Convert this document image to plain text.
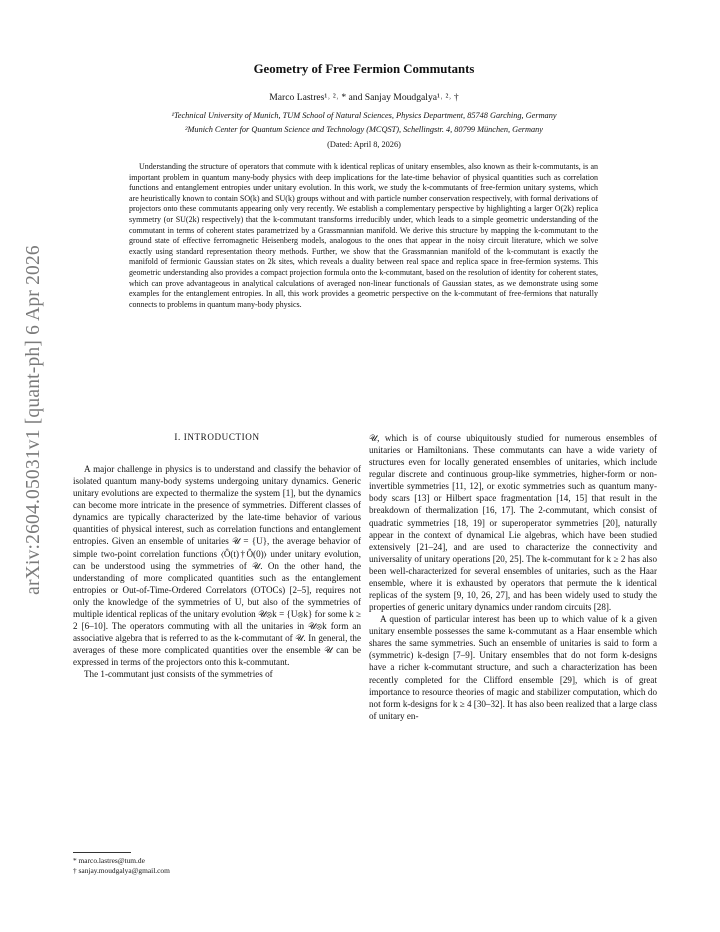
arXiv:2604.05031v1 [quant-ph] 6 Apr 2026
Geometry of Free Fermion Commutants
Marco Lastres¹˒ ²˒ * and Sanjay Moudgalya¹˒ ²˒ †
¹Technical University of Munich, TUM School of Natural Sciences, Physics Department, 85748 Garching, Germany
²Munich Center for Quantum Science and Technology (MCQST), Schellingstr. 4, 80799 München, Germany
(Dated: April 8, 2026)

Understanding the structure of operators that commute with k identical replicas of unitary ensembles, also known as their k-commutants, is an important problem in quantum many-body physics with deep implications for the late-time behavior of physical quantities such as correlation functions and entanglement entropies under unitary evolution. In this work, we study the k-commutants of free-fermion unitary systems, which are heuristically known to contain SO(k) and SU(k) groups without and with particle number conservation respectively, with formal derivations of projectors onto these commutants appearing only very recently. We establish a complementary perspective by highlighting a larger O(2k) replica symmetry (or SU(2k) respectively) that the k-commutant transforms irreducibly under, which leads to a simple geometric understanding of the commutant in terms of coherent states parametrized by a Grassmannian manifold. We derive this structure by mapping the k-commutant to the ground state of effective ferromagnetic Heisenberg models, analogous to the ones that appear in the noisy circuit literature, which we solve exactly using standard representation theory methods. Further, we show that the Grassmannian manifold of the k-commutant is exactly the manifold of fermionic Gaussian states on 2k sites, which reveals a duality between real space and replica space in free-fermion systems. This geometric understanding also provides a compact projection formula onto the k-commutant, based on the resolution of identity for coherent states, which can prove advantageous in analytical calculations of averaged non-linear functionals of Gaussian states, as we demonstrate using some examples for the entanglement entropies. In all, this work provides a geometric perspective on the k-commutant of free-fermions that naturally connects to problems in quantum many-body physics.

I. INTRODUCTION

A major challenge in physics is to understand and classify the behavior of isolated quantum many-body systems undergoing unitary dynamics. Generic unitary evolutions are expected to thermalize the system [1], but the dynamics can become more intricate in the presence of symmetries. Different classes of dynamics are typically characterized by the late-time behavior of various quantities of physical interest, such as correlation functions and entanglement entropies. Given an ensemble of unitaries 𝒰 = {U}, the average behavior of simple two-point correlation functions ⟨Ô(t)†Ô(0)⟩ under unitary evolution, can be understood using the symmetries of 𝒰. On the other hand, the understanding of more complicated quantities such as the entanglement entropies or Out-of-Time-Ordered Correlators (OTOCs) [2–5], requires not only the knowledge of the symmetries of U, but also of the symmetries of multiple identical replicas of the unitary evolution 𝒰⊗k = {U⊗k} for some k ≥ 2 [6–10]. The operators commuting with all the unitaries in 𝒰⊗k form an associative algebra that is referred to as the k-commutant of 𝒰. In general, the averages of these more complicated quantities over the ensemble 𝒰 can be expressed in terms of the projectors onto this k-commutant.

The 1-commutant just consists of the symmetries of

𝒰, which is of course ubiquitously studied for numerous ensembles of unitaries or Hamiltonians. These commutants can have a wide variety of structures even for locally generated ensembles of unitaries, which include regular discrete and continuous group-like symmetries, higher-form or non-invertible symmetries [11, 12], or exotic symmetries such as quantum many-body scars [13] or Hilbert space fragmentation [14, 15] that result in the breakdown of thermalization [16, 17]. The 2-commutant, which consist of quadratic symmetries [18, 19] or superoperator symmetries [20], naturally appear in the context of dynamical Lie algebras, which have been studied extensively [21–24], and are used to characterize the connectivity and universality of unitary operations [20, 25]. The k-commutant for k ≥ 2 has also been well-characterized for several ensembles of unitaries, such as the Haar ensemble, where it is exhausted by operators that permute the k identical replicas of the system [9, 10, 26, 27], and has been widely used to study the properties of generic unitary dynamics under random circuits [28].

A question of particular interest has been up to which value of k a given unitary ensemble possesses the same k-commutant as a Haar ensemble which shares the same symmetries. Such an ensemble of unitaries is said to form a (symmetric) k-design [7–9]. Unitary ensembles that do not form k-designs have a richer k-commutant structure, and such a characterization has been recently completed for the Clifford ensemble [29], which is of great importance to resource theories of magic and stabilizer computation, which do not form k-designs for k ≥ 4 [30–32]. It has also been realized that a large class of unitary en-

* marco.lastres@tum.de
† sanjay.moudgalya@gmail.com
